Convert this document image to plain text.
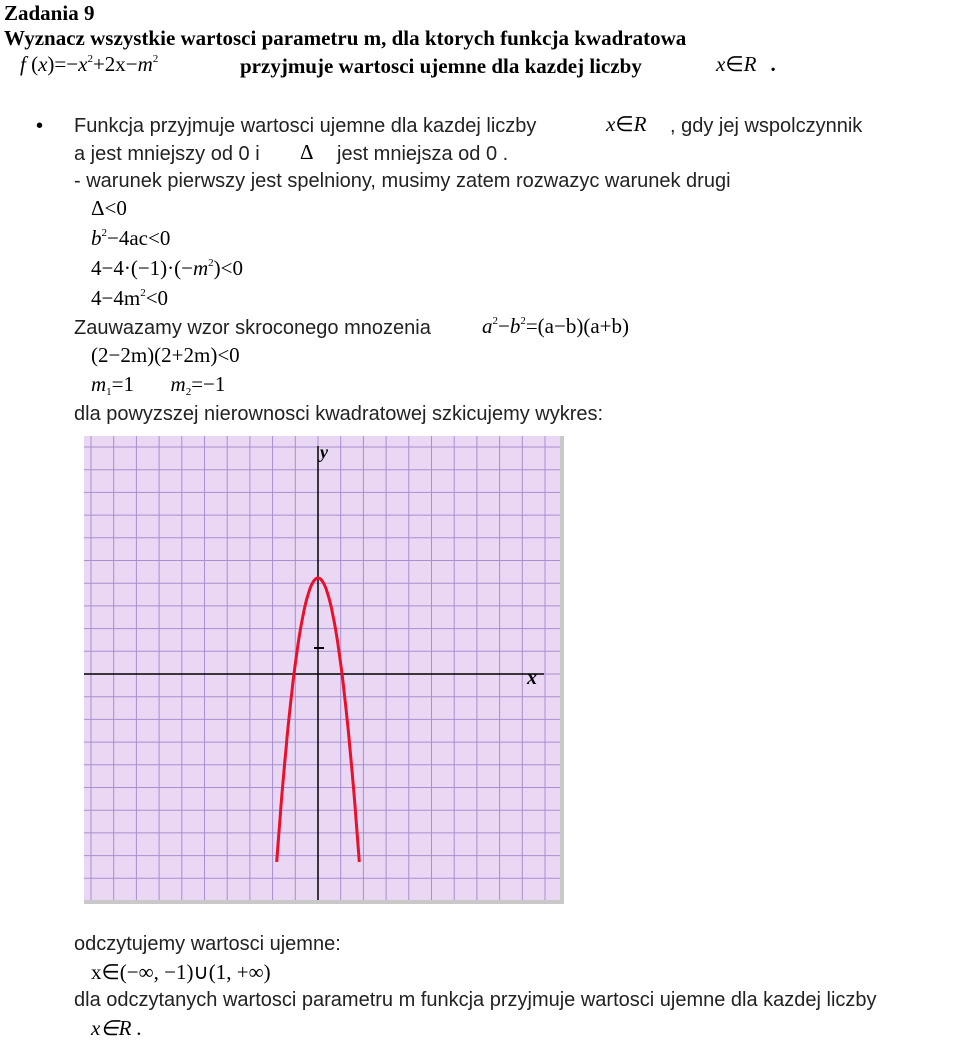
Zadania 9
Wyznacz wszystkie wartosci parametru m, dla ktorych funkcja kwadratowa
f $(x)=-x^2+2x-m^2$	przyjmuje wartosci ujemne dla kazdej liczby	x∈R .
• Funkcja przyjmuje wartosci ujemne dla kazdej liczby	x∈R , gdy jej wspolczynnik
a jest mniejszy od 0 i Δ jest mniejsza od 0 .
- warunek pierwszy jest spelniony, musimy zatem rozwazyc warunek drugi
Δ<0
$b^2-4ac<0$
$4-4\cdot(-1)\cdot(-m^2)<0$
$4-4m^2<0$
Zauwazamy wzor skroconego mnozenia $a^2-b^2=(a-b)(a+b)$
(2−2m)(2+2m)<0
$m_1=1$ $m_2=-1$
dla powyzszej nierownosci kwadratowej szkicujemy wykres:
y
x
odczytujemy wartosci ujemne:
x∈(−∞, −1)∪(1, +∞)
dla odczytanych wartosci parametru m funkcja przyjmuje wartosci ujemne dla kazdej liczby
x∈R .
